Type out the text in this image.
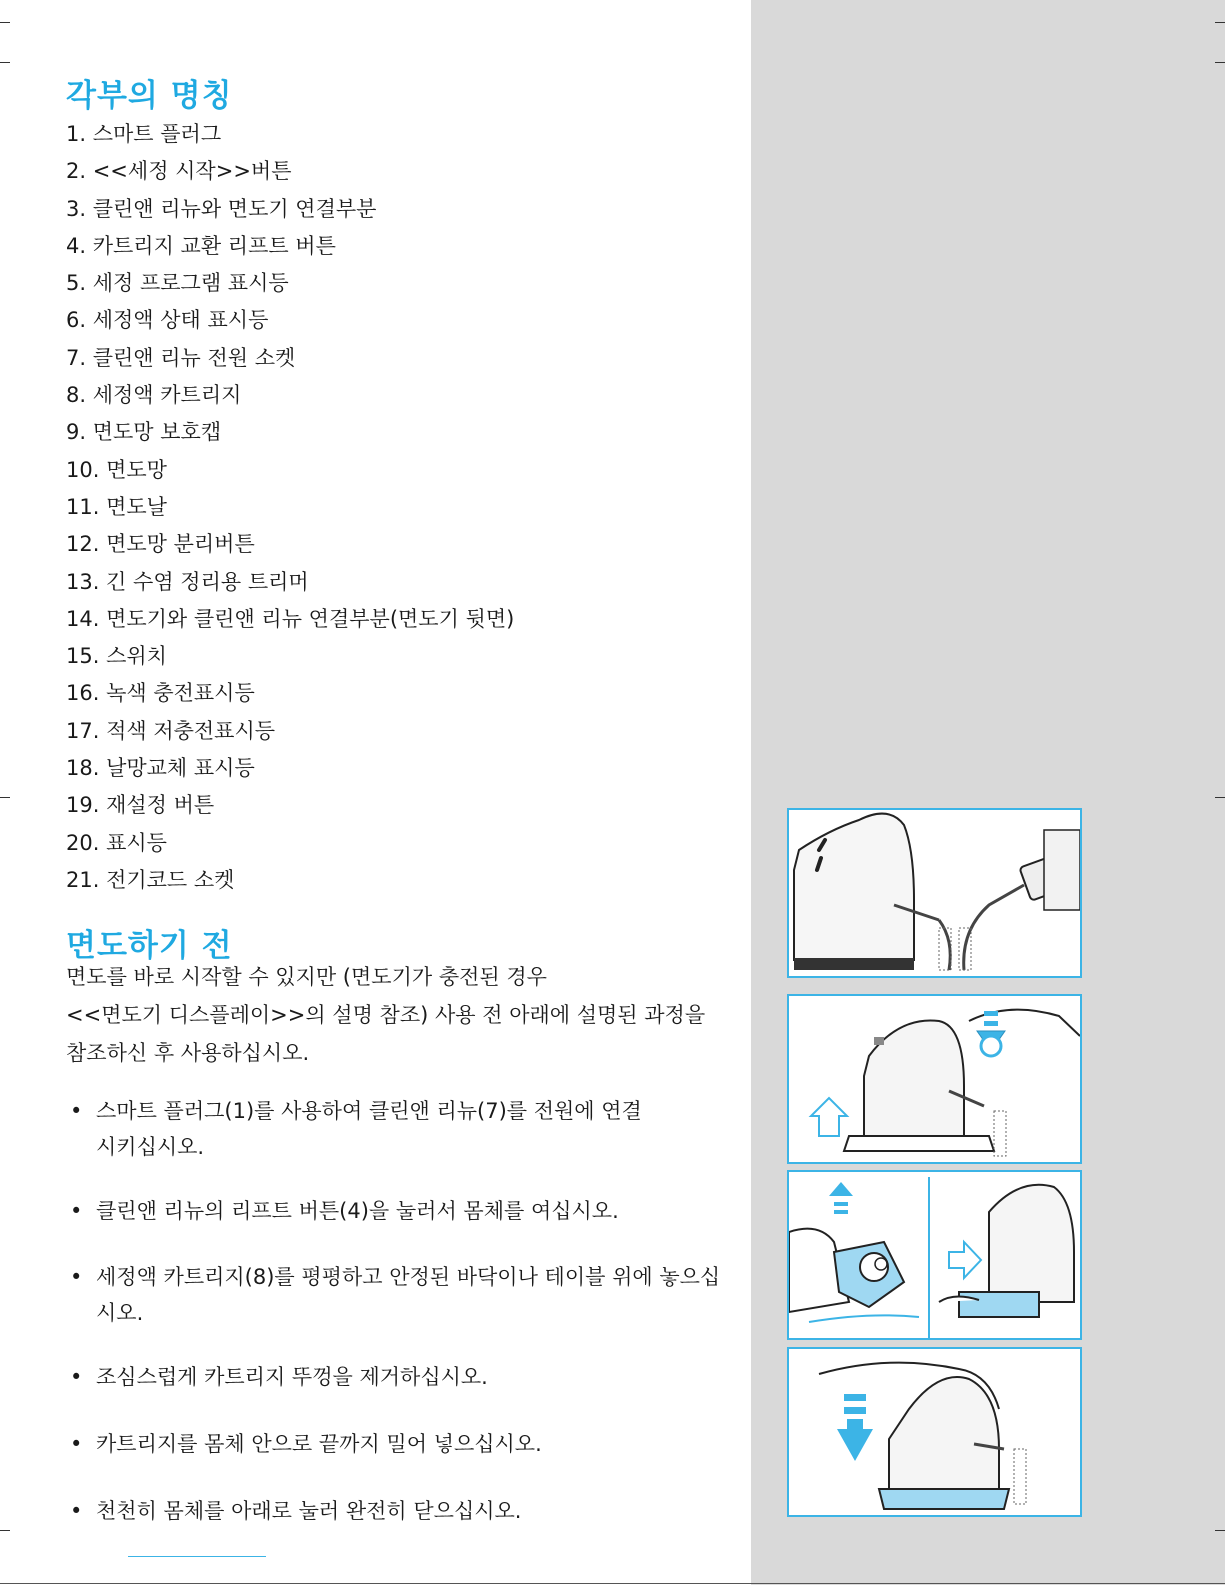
각부의 명칭
1. 스마트 플러그
2. <<세정 시작>>버튼
3. 클린앤 리뉴와 면도기 연결부분
4. 카트리지 교환 리프트 버튼
5. 세정 프로그램 표시등
6. 세정액 상태 표시등
7. 클린앤 리뉴 전원 소켓
8. 세정액 카트리지
9. 면도망 보호캡
10. 면도망
11. 면도날
12. 면도망 분리버튼
13. 긴 수염 정리용 트리머
14. 면도기와 클린앤 리뉴 연결부분(면도기 뒷면)
15. 스위치
16. 녹색 충전표시등
17. 적색 저충전표시등
18. 날망교체 표시등
19. 재설정 버튼
20. 표시등
21. 전기코드 소켓
면도하기 전

면도를 바로 시작할 수 있지만 (면도기가 충전된 경우

<<면도기 디스플레이>>의 설명 참조) 사용 전 아래에 설명된 과정을

참조하신 후 사용하십시오.

• 스마트 플러그(1)를 사용하여 클린앤 리뉴(7)를 전원에 연결시키십시오.
• 클린앤 리뉴의 리프트 버튼(4)을 눌러서 몸체를 여십시오.
• 세정액 카트리지(8)를 평평하고 안정된 바닥이나 테이블 위에 놓으십시오.
• 조심스럽게 카트리지 뚜껑을 제거하십시오.
• 카트리지를 몸체 안으로 끝까지 밀어 넣으십시오.
• 천천히 몸체를 아래로 눌러 완전히 닫으십시오.
